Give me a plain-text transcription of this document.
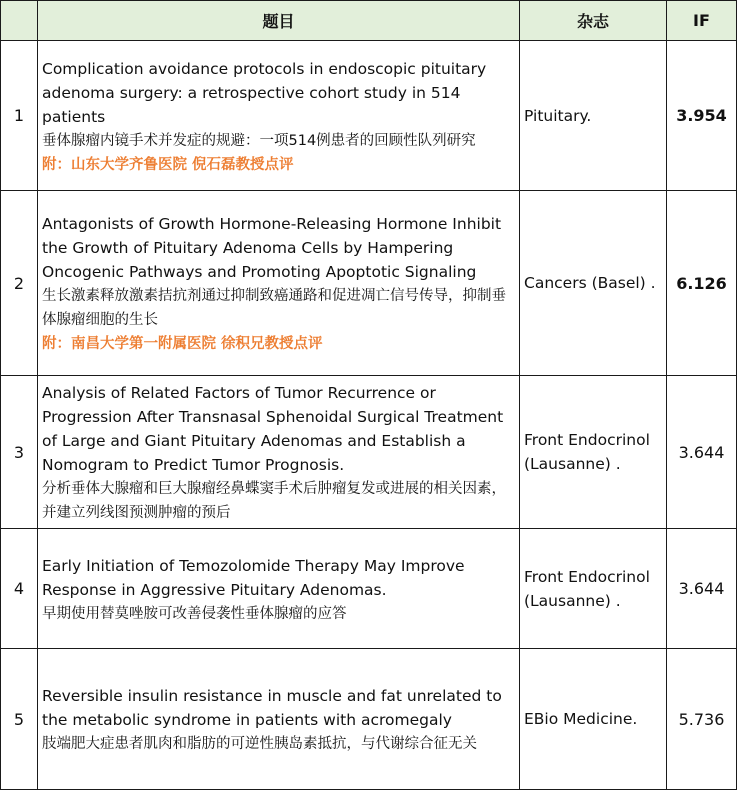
	题目	杂志	IF
1	Complication avoidance protocols in endoscopic pituitary adenoma surgery: a retrospective cohort study in 514 patients
垂体腺瘤内镜手术并发症的规避：一项514例患者的回顾性队列研究
附：山东大学齐鲁医院 倪石磊教授点评	Pituitary.	3.954
2	Antagonists of Growth Hormone-Releasing Hormone Inhibit the Growth of Pituitary Adenoma Cells by Hampering Oncogenic Pathways and Promoting Apoptotic Signaling
生长激素释放激素拮抗剂通过抑制致癌通路和促进凋亡信号传导，抑制垂体腺瘤细胞的生长
附：南昌大学第一附属医院 徐积兄教授点评	Cancers (Basel) .	6.126
3	Analysis of Related Factors of Tumor Recurrence or Progression After Transnasal Sphenoidal Surgical Treatment of Large and Giant Pituitary Adenomas and Establish a Nomogram to Predict Tumor Prognosis.
分析垂体大腺瘤和巨大腺瘤经鼻蝶窦手术后肿瘤复发或进展的相关因素，并建立列线图预测肿瘤的预后	Front Endocrinol (Lausanne) .	3.644
4	Early Initiation of Temozolomide Therapy May Improve Response in Aggressive Pituitary Adenomas.
早期使用替莫唑胺可改善侵袭性垂体腺瘤的应答	Front Endocrinol (Lausanne) .	3.644
5	Reversible insulin resistance in muscle and fat unrelated to the metabolic syndrome in patients with acromegaly
肢端肥大症患者肌肉和脂肪的可逆性胰岛素抵抗，与代谢综合征无关	EBio Medicine.	5.736
